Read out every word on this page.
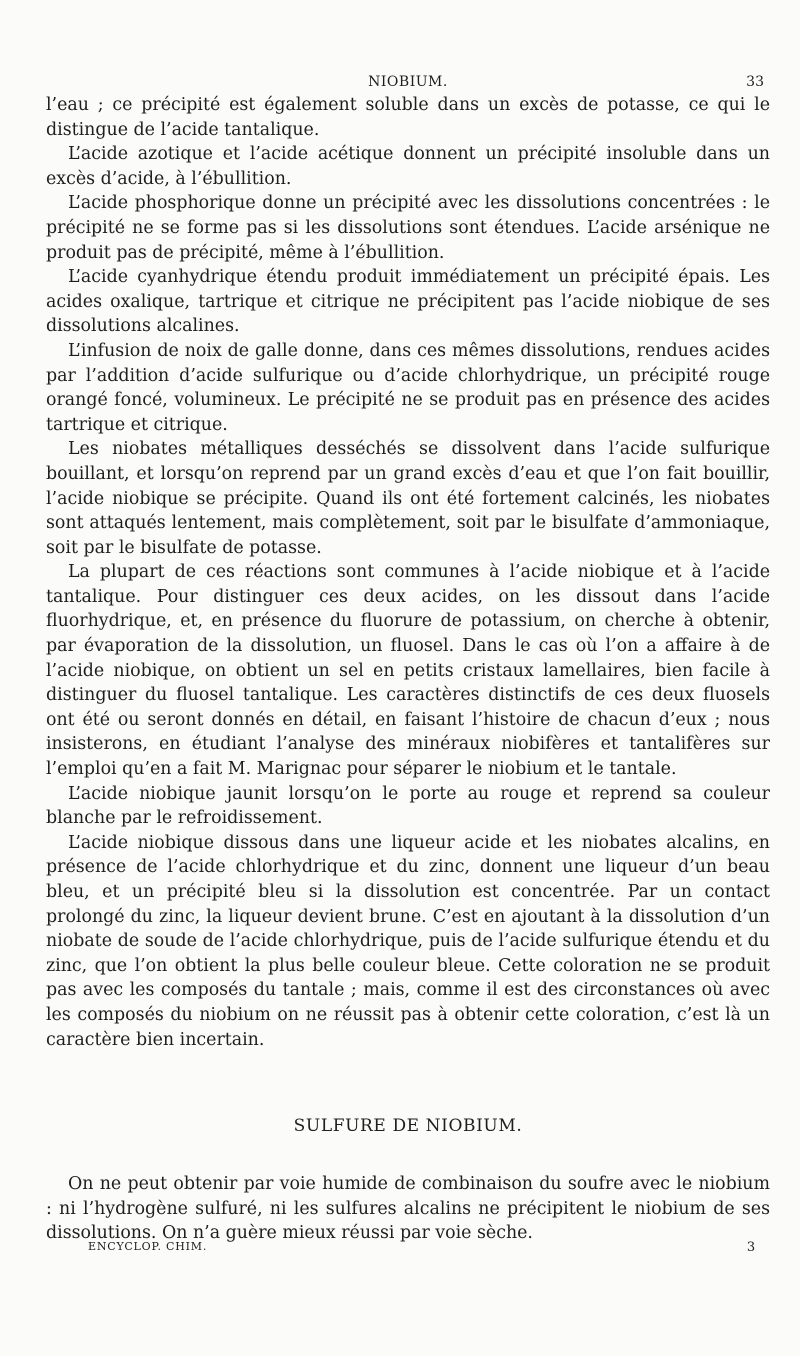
NIOBIUM.	33

l’eau ; ce précipité est également soluble dans un excès de potasse, ce qui le distingue de l’acide tantalique.

L’acide azotique et l’acide acétique donnent un précipité insoluble dans un excès d’acide, à l’ébullition.

L’acide phosphorique donne un précipité avec les dissolutions concentrées : le précipité ne se forme pas si les dissolutions sont étendues. L’acide arsénique ne produit pas de précipité, même à l’ébullition.

L’acide cyanhydrique étendu produit immédiatement un précipité épais. Les acides oxalique, tartrique et citrique ne précipitent pas l’acide niobique de ses dissolutions alcalines.

L’infusion de noix de galle donne, dans ces mêmes dissolutions, rendues acides par l’addition d’acide sulfurique ou d’acide chlorhydrique, un précipité rouge orangé foncé, volumineux. Le précipité ne se produit pas en présence des acides tartrique et citrique.

Les niobates métalliques desséchés se dissolvent dans l’acide sulfurique bouillant, et lorsqu’on reprend par un grand excès d’eau et que l’on fait bouillir, l’acide niobique se précipite. Quand ils ont été fortement calcinés, les niobates sont attaqués lentement, mais complètement, soit par le bisulfate d’ammoniaque, soit par le bisulfate de potasse.

La plupart de ces réactions sont communes à l’acide niobique et à l’acide tantalique. Pour distinguer ces deux acides, on les dissout dans l’acide fluorhydrique, et, en présence du fluorure de potassium, on cherche à obtenir, par évaporation de la dissolution, un fluosel. Dans le cas où l’on a affaire à de l’acide niobique, on obtient un sel en petits cristaux lamellaires, bien facile à distinguer du fluosel tantalique. Les caractères distinctifs de ces deux fluosels ont été ou seront donnés en détail, en faisant l’histoire de chacun d’eux ; nous insisterons, en étudiant l’analyse des minéraux niobifères et tantalifères sur l’emploi qu’en a fait M. Marignac pour séparer le niobium et le tantale.

L’acide niobique jaunit lorsqu’on le porte au rouge et reprend sa couleur blanche par le refroidissement.

L’acide niobique dissous dans une liqueur acide et les niobates alcalins, en présence de l’acide chlorhydrique et du zinc, donnent une liqueur d’un beau bleu, et un précipité bleu si la dissolution est concentrée. Par un contact prolongé du zinc, la liqueur devient brune. C’est en ajoutant à la dissolution d’un niobate de soude de l’acide chlorhydrique, puis de l’acide sulfurique étendu et du zinc, que l’on obtient la plus belle couleur bleue. Cette coloration ne se produit pas avec les composés du tantale ; mais, comme il est des circonstances où avec les composés du niobium on ne réussit pas à obtenir cette coloration, c’est là un caractère bien incertain.

SULFURE DE NIOBIUM.

On ne peut obtenir par voie humide de combinaison du soufre avec le niobium : ni l’hydrogène sulfuré, ni les sulfures alcalins ne précipitent le niobium de ses dissolutions. On n’a guère mieux réussi par voie sèche.

ENCYCLOP. CHIM.	3
